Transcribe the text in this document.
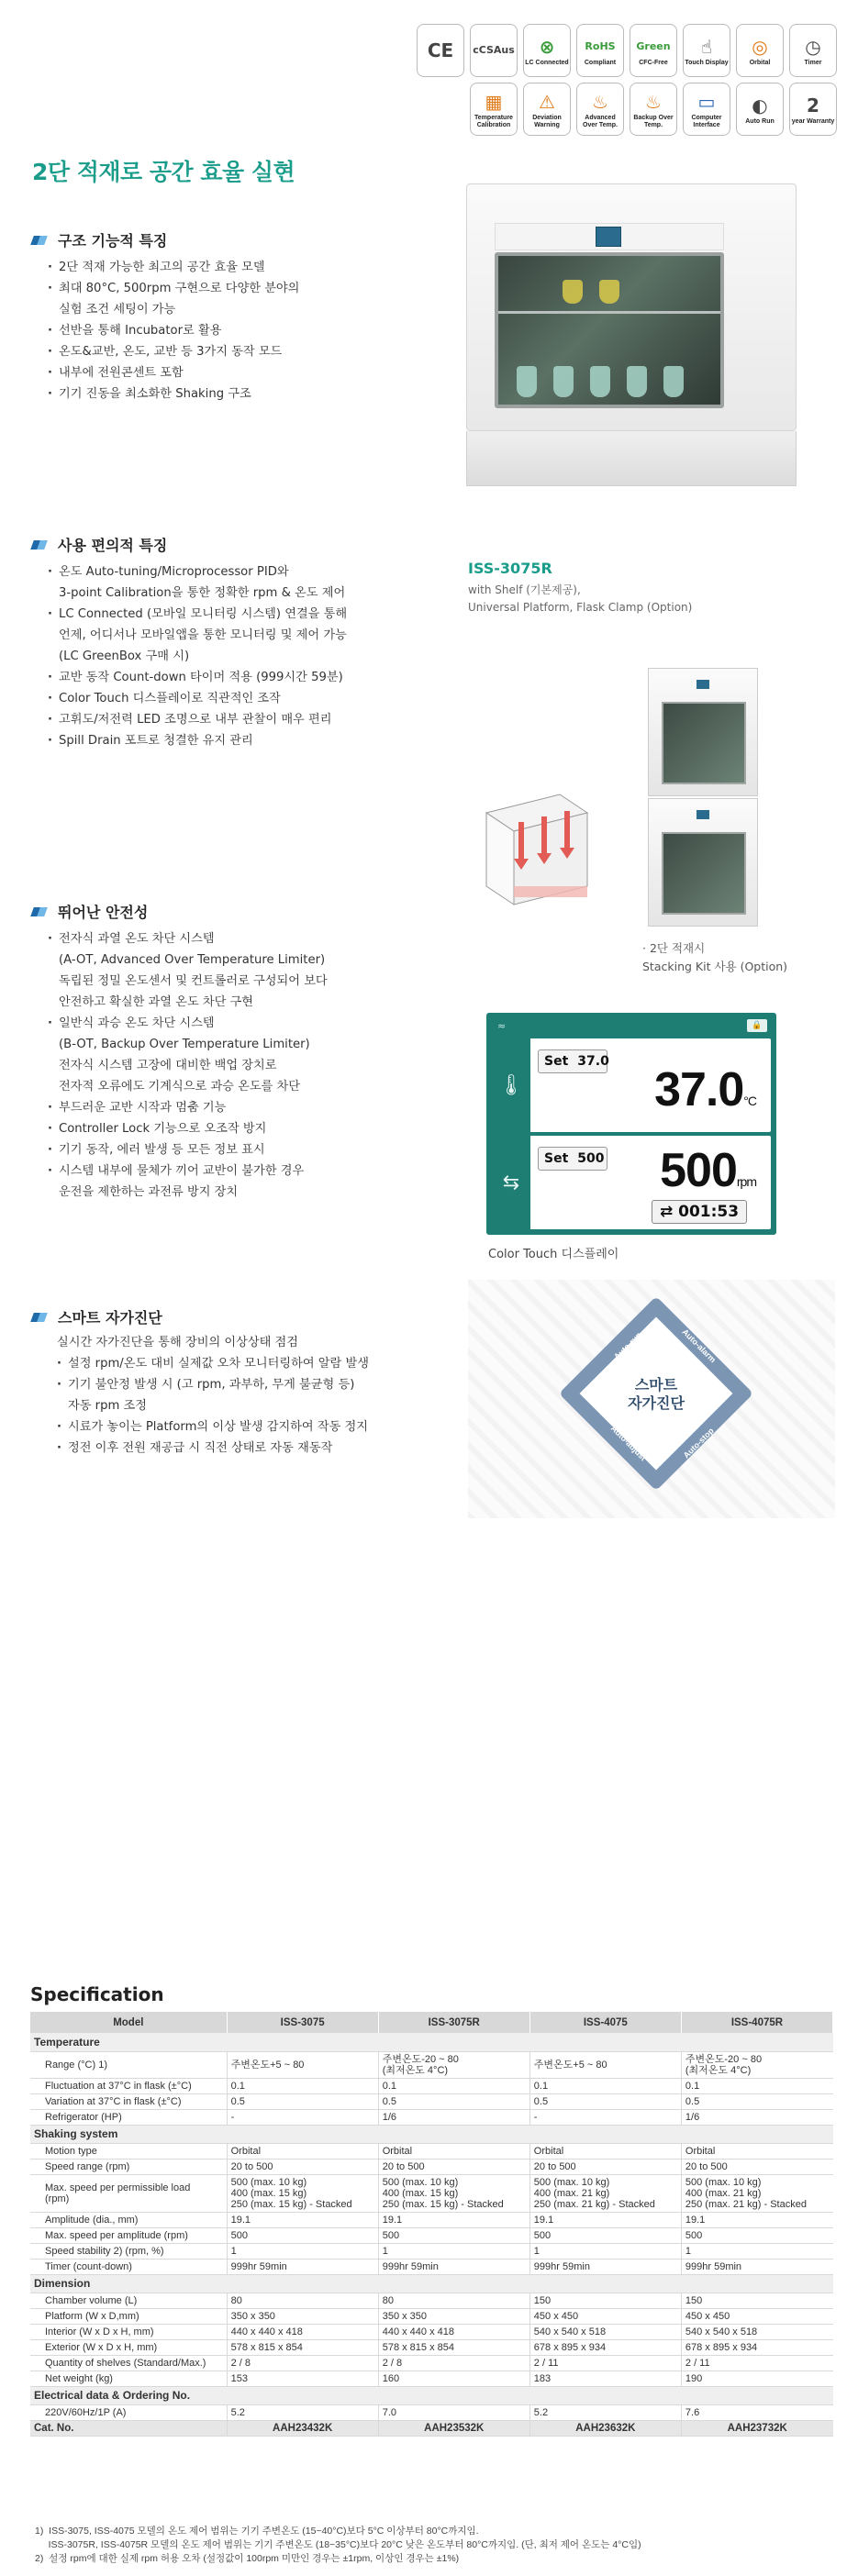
CE cCSAus ⊗
LC Connected
RoHS
Compliant
Green
CFC-Free
☝
Touch Display
◎
Orbital
◷
Timer
▦
Temperature Calibration
⚠
Deviation Warning
♨
Advanced Over Temp.
♨
Backup Over Temp.
▭
Computer Interface
◐
Auto Run
2
year Warranty
2단 적재로 공간 효율 실현
구조 기능적 특징
· 2단 적재 가능한 최고의 공간 효율 모델
· 최대 80°C, 500rpm 구현으로 다양한 분야의
실험 조건 세팅이 가능
· 선반을 통해 Incubator로 활용
· 온도&교반, 온도, 교반 등 3가지 동작 모드
· 내부에 전원콘센트 포함
· 기기 진동을 최소화한 Shaking 구조
ISS-3075R
with Shelf (기본제공),
Universal Platform, Flask Clamp (Option)
사용 편의적 특징
· 온도 Auto-tuning/Microprocessor PID와
3-point Calibration을 통한 정확한 rpm & 온도 제어
· LC Connected (모바일 모니터링 시스템) 연결을 통해
언제, 어디서나 모바일앱을 통한 모니터링 및 제어 가능
(LC GreenBox 구매 시)
· 교반 동작 Count-down 타이머 적용 (999시간 59분)
· Color Touch 디스플레이로 직관적인 조작
· 고휘도/저전력 LED 조명으로 내부 관찰이 매우 편리
· Spill Drain 포트로 청결한 유지 관리
· 2단 적재시
Stacking Kit 사용 (Option)
뛰어난 안전성
· 전자식 과열 온도 차단 시스템
(A-OT, Advanced Over Temperature Limiter)
독립된 정밀 온도센서 및 컨트롤러로 구성되어 보다
안전하고 확실한 과열 온도 차단 구현
· 일반식 과승 온도 차단 시스템
(B-OT, Backup Over Temperature Limiter)
전자식 시스템 고장에 대비한 백업 장치로
전자적 오류에도 기계식으로 과승 온도를 차단
· 부드러운 교반 시작과 멈춤 기능
· Controller Lock 기능으로 오조작 방지
· 기기 동작, 에러 발생 등 모든 정보 표시
· 시스템 내부에 물체가 끼어 교반이 불가한 경우
운전을 제한하는 과전류 방지 장치
≈	🔒
🌡
Set 37.0
37.0°C
⇆
Set 500 500rpm
⇄ 001:53
Color Touch 디스플레이
스마트
자가진단
Auto-run	Auto-alarm
Auto-adjust	Auto-stop
스마트 자가진단
실시간 자가진단을 통해 장비의 이상상태 점검
· 설정 rpm/온도 대비 실제값 오차 모니터링하여 알람 발생
· 기기 불안정 발생 시 (고 rpm, 과부하, 무게 불균형 등)
자동 rpm 조정
· 시료가 놓이는 Platform의 이상 발생 감지하여 작동 정지
· 정전 이후 전원 재공급 시 직전 상태로 자동 재동작
Specification
Model	ISS-3075	ISS-3075R	ISS-4075	ISS-4075R
Temperature				
Range (°C) 1)	주변온도+5 ~ 80	주변온도-20 ~ 80
(최저온도 4°C)	주변온도+5 ~ 80	주변온도-20 ~ 80
(최저온도 4°C)
Fluctuation at 37°C in flask (±°C)	0.1	0.1	0.1	0.1
Variation at 37°C in flask (±°C)	0.5	0.5	0.5	0.5
Refrigerator (HP)	-	1/6	-	1/6
Shaking system				
Motion type	Orbital	Orbital	Orbital	Orbital
Speed range (rpm)	20 to 500	20 to 500	20 to 500	20 to 500
Max. speed per permissible load
(rpm)	500 (max. 10 kg)
400 (max. 15 kg)
250 (max. 15 kg) - Stacked	500 (max. 10 kg)
400 (max. 15 kg)
250 (max. 15 kg) - Stacked	500 (max. 10 kg)
400 (max. 21 kg)
250 (max. 21 kg) - Stacked	500 (max. 10 kg)
400 (max. 21 kg)
250 (max. 21 kg) - Stacked
Amplitude (dia., mm)	19.1	19.1	19.1	19.1
Max. speed per amplitude (rpm)	500	500	500	500
Speed stability 2) (rpm, %)	1	1	1	1
Timer (count-down)	999hr 59min	999hr 59min	999hr 59min	999hr 59min
Dimension				
Chamber volume (L)	80	80	150	150
Platform (W x D,mm)	350 x 350	350 x 350	450 x 450	450 x 450
Interior (W x D x H, mm)	440 x 440 x 418	440 x 440 x 418	540 x 540 x 518	540 x 540 x 518
Exterior (W x D x H, mm)	578 x 815 x 854	578 x 815 x 854	678 x 895 x 934	678 x 895 x 934
Quantity of shelves (Standard/Max.)	2 / 8	2 / 8	2 / 11	2 / 11
Net weight (kg)	153	160	183	190
Electrical data & Ordering No.				
220V/60Hz/1P (A)	5.2	7.0	5.2	7.6
Cat. No.	AAH23432K	AAH23532K	AAH23632K	AAH23732K
1)  ISS-3075, ISS-4075 모델의 온도 제어 범위는 기기 주변온도 (15~40°C)보다 5°C 이상부터 80°C까지임.
ISS-3075R, ISS-4075R 모델의 온도 제어 범위는 기기 주변온도 (18~35°C)보다 20°C 낮은 온도부터 80°C까지임. (단, 최저 제어 온도는 4°C임)
2)  설정 rpm에 대한 실제 rpm 허용 오차 (설정값이 100rpm 미만인 경우는 ±1rpm, 이상인 경우는 ±1%)
